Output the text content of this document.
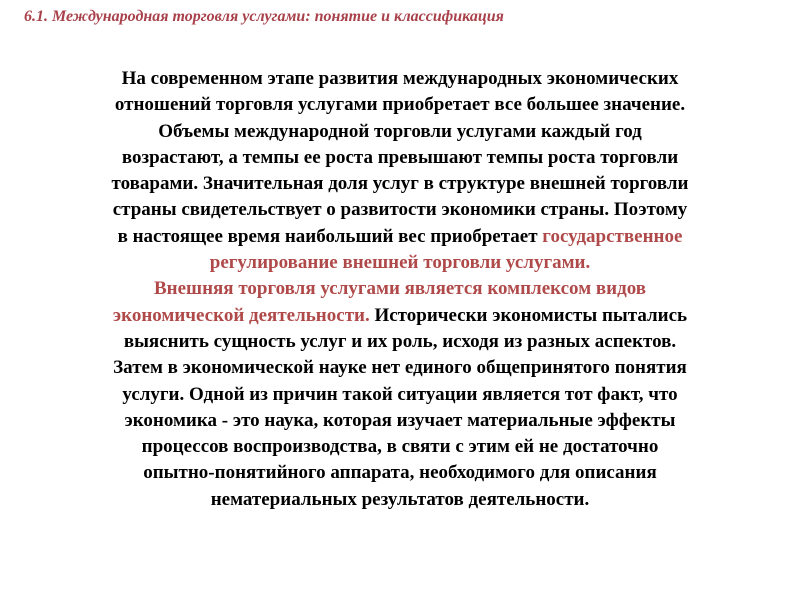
6.1. Международная торговля услугами: понятие и классификация
На современном этапе развития международных экономических
отношений торговля услугами приобретает все большее значение.
Объемы международной торговли услугами каждый год
возрастают, а темпы ее роста превышают темпы роста торговли
товарами. Значительная доля услуг в структуре внешней торговли
страны свидетельствует о развитости экономики страны. Поэтому
в настоящее время наибольший вес приобретает государственное
регулирование внешней торговли услугами.
Внешняя торговля услугами является комплексом видов
экономической деятельности. Исторически экономисты пытались
выяснить сущность услуг и их роль, исходя из разных аспектов.
Затем в экономической науке нет единого общепринятого понятия
услуги. Одной из причин такой ситуации является тот факт, что
экономика - это наука, которая изучает материальные эффекты
процессов воспроизводства, в святи с этим ей не достаточно
опытно-понятийного аппарата, необходимого для описания
нематериальных результатов деятельности.
